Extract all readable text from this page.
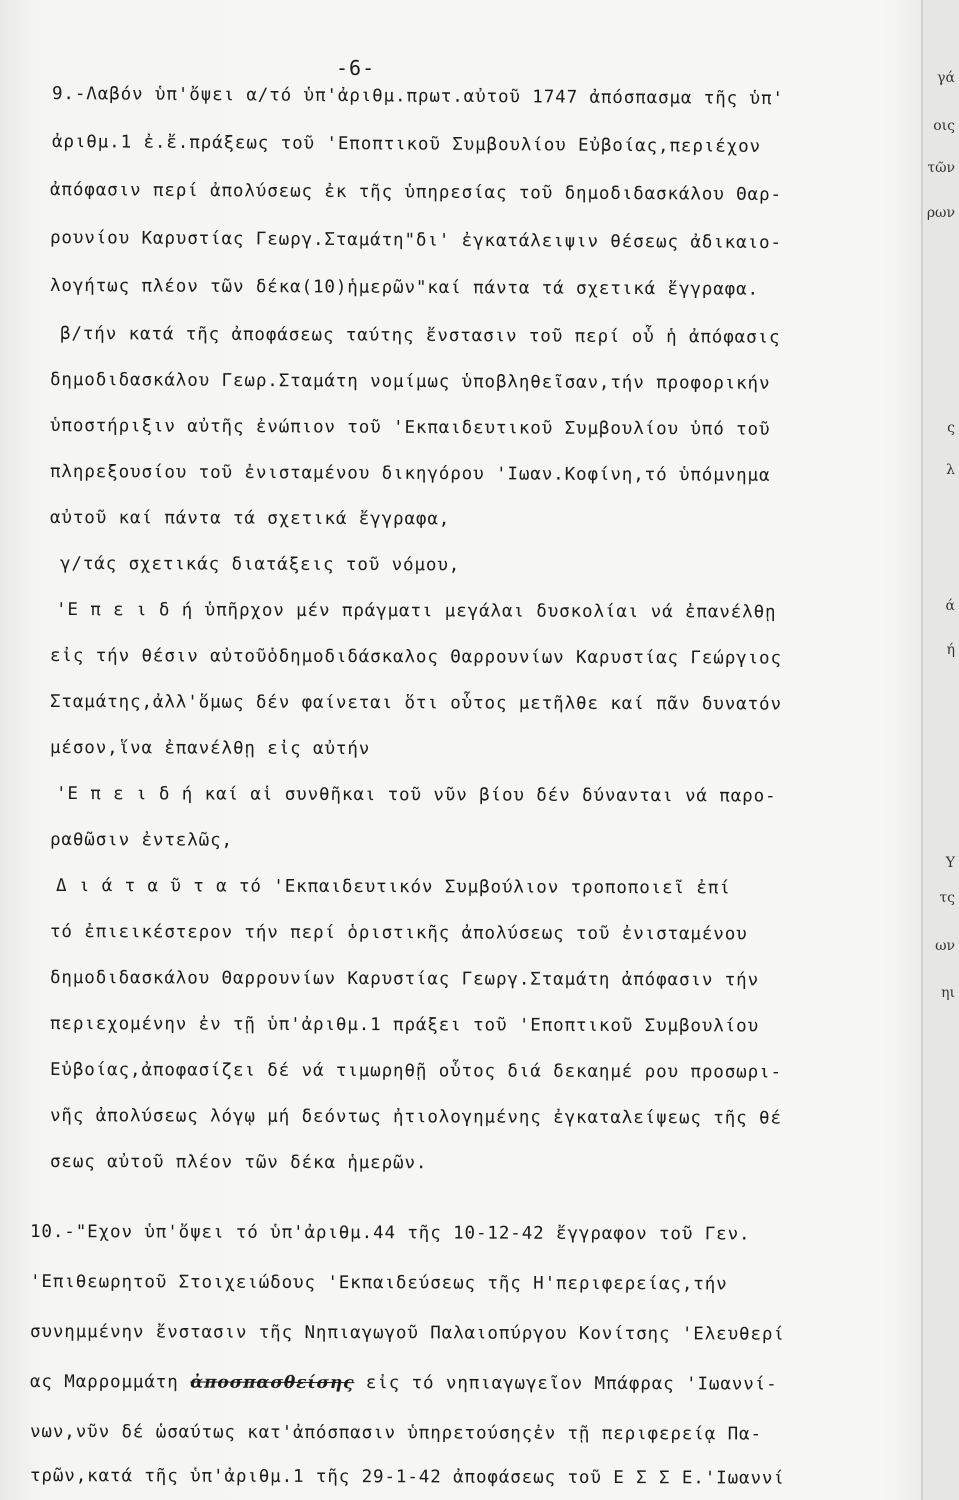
γά
οις
τῶν
ρων
ς
λ
ά
ή
Υ
τς
ων
ηι
-6-
9.-Λαβόν ὑπ'ὄψει α/τό ὑπ'ἀριθμ.πρωτ.αὐτοῦ 1747 ἀπόσπασμα τῆς ὑπ'
ἀριθμ.1 ἐ.ἔ.πράξεως τοῦ 'Εποπτικοῦ Συμβουλίου Εὐβοίας,περιέχον
ἀπόφασιν περί ἀπολύσεως ἐκ τῆς ὑπηρεσίας τοῦ δημοδιδασκάλου Θαρ-
ρουνίου Καρυστίας Γεωργ.Σταμάτη"δι' ἐγκατάλειψιν θέσεως ἀδικαιο-
λογήτως πλέον τῶν δέκα(10)ἡμερῶν"καί πάντα τά σχετικά ἔγγραφα.
β/τήν κατά τῆς ἀποφάσεως ταύτης ἔνστασιν τοῦ περί οὗ ἡ ἀπόφασις
δημοδιδασκάλου Γεωρ.Σταμάτη νομίμως ὑποβληθεῖσαν,τήν προφορικήν
ὑποστήριξιν αὐτῆς ἐνώπιον τοῦ 'Εκπαιδευτικοῦ Συμβουλίου ὑπό τοῦ
πληρεξουσίου τοῦ ἐνισταμένου δικηγόρου 'Ιωαν.Κοφίνη,τό ὑπόμνημα
αὐτοῦ καί πάντα τά σχετικά ἔγγραφα,
γ/τάς σχετικάς διατάξεις τοῦ νόμου,
'Ε π ε ι δ ή ὑπῆρχον μέν πράγματι μεγάλαι δυσκολίαι νά ἐπανέλθῃ
εἰς τήν θέσιν αὐτοῦὁδημοδιδάσκαλος Θαρρουνίων Καρυστίας Γεώργιος
Σταμάτης,ἀλλ'ὅμως δέν φαίνεται ὅτι οὗτος μετῆλθε καί πᾶν δυνατόν
μέσον,ἵνα ἐπανέλθῃ εἰς αὐτήν
'Ε π ε ι δ ή καί αἱ συνθῆκαι τοῦ νῦν βίου δέν δύνανται νά παρο-
ραθῶσιν ἐντελῶς,
Δ ι ά τ α ῦ τ α τό 'Εκπαιδευτικόν Συμβούλιον τροποποιεῖ ἐπί
τό ἐπιεικέστερον τήν περί ὁριστικῆς ἀπολύσεως τοῦ ἐνισταμένου
δημοδιδασκάλου Θαρρουνίων Καρυστίας Γεωργ.Σταμάτη ἀπόφασιν τήν
περιεχομένην ἐν τῇ ὑπ'ἀριθμ.1 πράξει τοῦ 'Εποπτικοῦ Συμβουλίου
Εὐβοίας,ἀποφασίζει δέ νά τιμωρηθῇ οὗτος διά δεκαημέ ρου προσωρι-
νῆς ἀπολύσεως λόγῳ μή δεόντως ἠτιολογημένης ἐγκαταλείψεως τῆς θέ
σεως αὐτοῦ πλέον τῶν δέκα ἡμερῶν.
10.-"Εχον ὑπ'ὄψει τό ὑπ'ἀριθμ.44 τῆς 10-12-42 ἔγγραφον τοῦ Γεν.
'Επιθεωρητοῦ Στοιχειώδους 'Εκπαιδεύσεως τῆς Η'περιφερείας,τήν
συνημμένην ἔνστασιν τῆς Νηπιαγωγοῦ Παλαιοπύργου Κονίτσης 'Ελευθερί
ας Μαρρομμάτη ἀποσπασθείσης εἰς τό νηπιαγωγεῖον Μπάφρας 'Ιωαννί-
νων,νῦν δέ ὡσαύτως κατ'ἀπόσπασιν ὑπηρετούσηςἐν τῇ περιφερείᾳ Πα-
τρῶν,κατά τῆς ὑπ'ἀριθμ.1 τῆς 29-1-42 ἀποφάσεως τοῦ Ε Σ Σ Ε.'Ιωαννί
